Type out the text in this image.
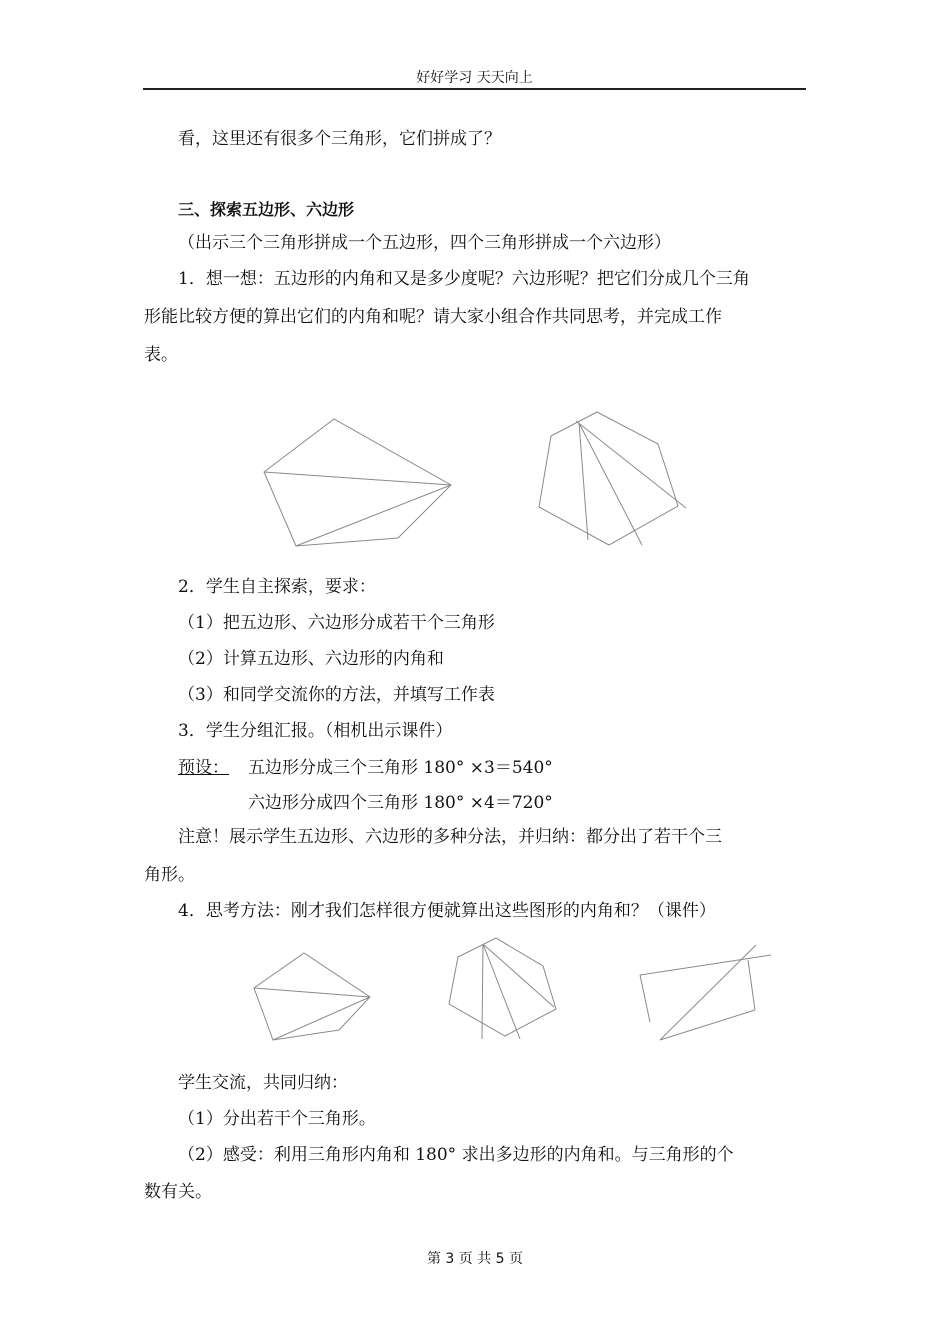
好好学习 天天向上
看，这里还有很多个三角形，它们拼成了？
三、探索五边形、六边形
（出示三个三角形拼成一个五边形，四个三角形拼成一个六边形）
1．想一想：五边形的内角和又是多少度呢？六边形呢？把它们分成几个三角
形能比较方便的算出它们的内角和呢？请大家小组合作共同思考，并完成工作
表。
2．学生自主探索，要求：
（1）把五边形、六边形分成若干个三角形
（2）计算五边形、六边形的内角和
（3）和同学交流你的方法，并填写工作表
3．学生分组汇报。（相机出示课件）
预设： 五边形分成三个三角形 180° ×3＝540°
六边形分成四个三角形 180° ×4＝720°
注意！展示学生五边形、六边形的多种分法，并归纳：都分出了若干个三
角形。
4．思考方法：刚才我们怎样很方便就算出这些图形的内角和？（课件）
学生交流，共同归纳：
（1）分出若干个三角形。
（2）感受：利用三角形内角和 180° 求出多边形的内角和。与三角形的个
数有关。
第 3 页 共 5 页
